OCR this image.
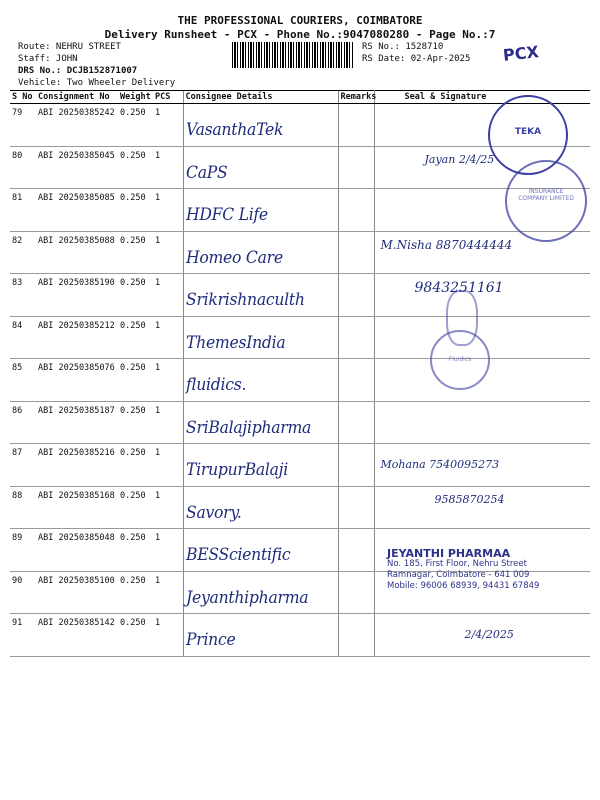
THE PROFESSIONAL COURIERS, COIMBATORE
Delivery Runsheet - PCX - Phone No.:9047080280 - Page No.:7
Route: NEHRU STREET
Staff: JOHN
DRS No.: DCJB152871007
Vehicle: Two Wheeler Delivery
RS No.: 1528710
RS Date: 02-Apr-2025 PCX
S No	Consignment No	Weight	PCS	Consignee Details	Remarks	Seal & Signature
79	ABI 20250385242	0.250	1	VasanthaTek		
80	ABI 20250385045	0.250	1	CaPS		Jayan 2/4/25
81	ABI 20250385085	0.250	1	HDFC Life		
82	ABI 20250385088	0.250	1	Homeo Care		M.Nisha 8870444444
83	ABI 20250385190	0.250	1	Srikrishnaculth		9843251161
84	ABI 20250385212	0.250	1	ThemesIndia		
85	ABI 20250385076	0.250	1	fluidics.		
86	ABI 20250385187	0.250	1	SriBalajipharma		
87	ABI 20250385216	0.250	1	TirupurBalaji		Mohana 7540095273
88	ABI 20250385168	0.250	1	Savory.		9585870254
89	ABI 20250385048	0.250	1	BESScientific		
90	ABI 20250385100	0.250	1	Jeyanthipharma		
91	ABI 20250385142	0.250	1	Prince		2/4/2025
TEKA
INSURANCE COMPANY LIMITED
Fluidics
JEYANTHI PHARMAA
No. 185, First Floor, Nehru Street
Ramnagar, Coimbatore - 641 009
Mobile: 96006 68939, 94431 67849
